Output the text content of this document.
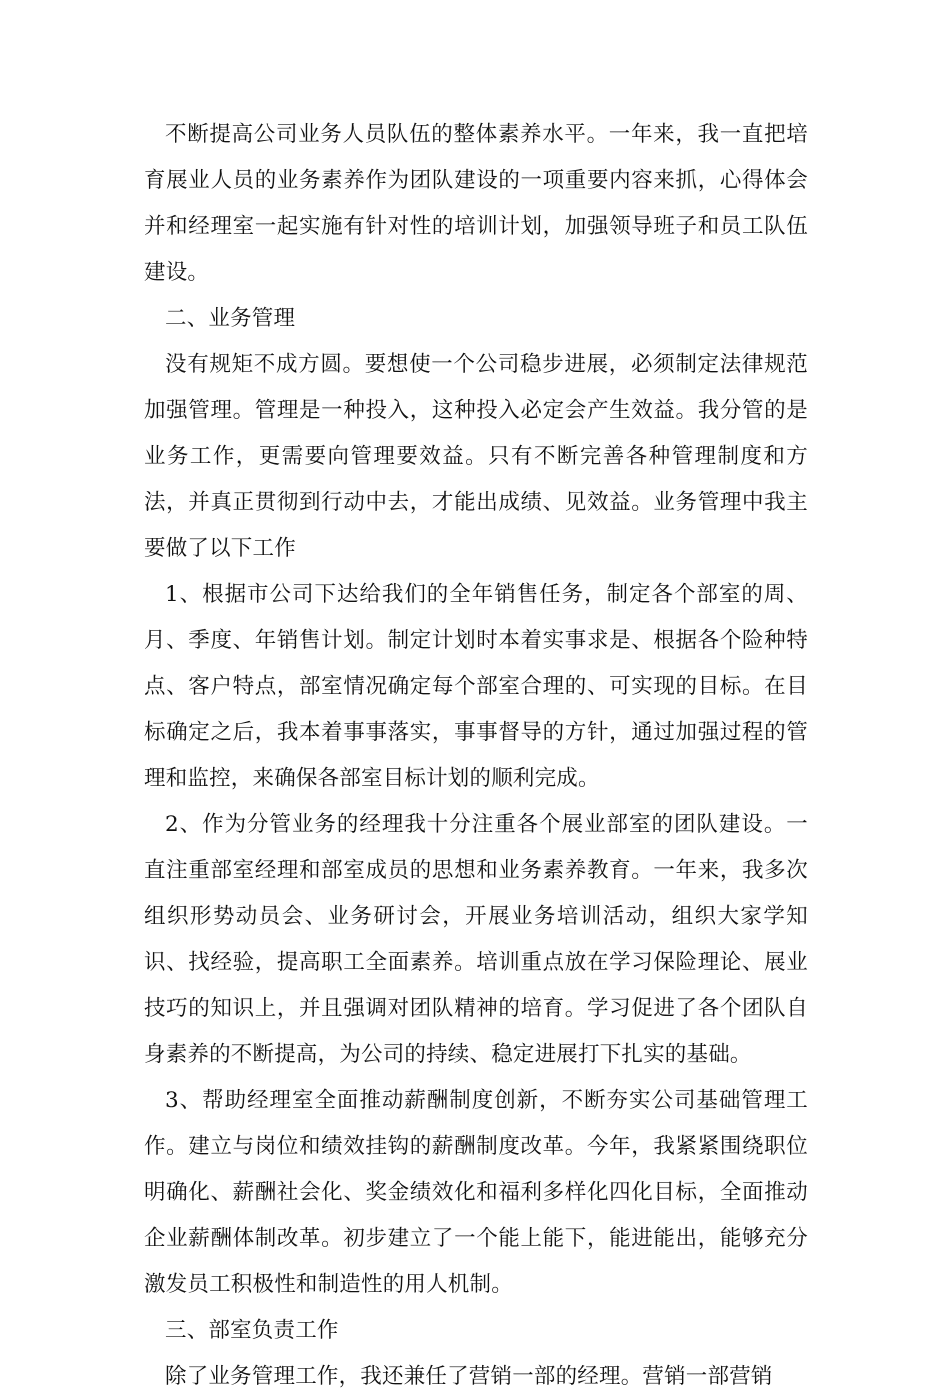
不断提高公司业务人员队伍的整体素养水平。一年来，我一直把培育展业人员的业务素养作为团队建设的一项重要内容来抓，心得体会并和经理室一起实施有针对性的培训计划，加强领导班子和员工队伍建设。

二、业务管理

没有规矩不成方圆。要想使一个公司稳步进展，必须制定法律规范加强管理。管理是一种投入，这种投入必定会产生效益。我分管的是业务工作，更需要向管理要效益。只有不断完善各种管理制度和方法，并真正贯彻到行动中去，才能出成绩、见效益。业务管理中我主要做了以下工作

1、根据市公司下达给我们的全年销售任务，制定各个部室的周、月、季度、年销售计划。制定计划时本着实事求是、根据各个险种特点、客户特点，部室情况确定每个部室合理的、可实现的目标。在目标确定之后，我本着事事落实，事事督导的方针，通过加强过程的管理和监控，来确保各部室目标计划的顺利完成。

2、作为分管业务的经理我十分注重各个展业部室的团队建设。一直注重部室经理和部室成员的思想和业务素养教育。一年来，我多次组织形势动员会、业务研讨会，开展业务培训活动，组织大家学知识、找经验，提高职工全面素养。培训重点放在学习保险理论、展业技巧的知识上，并且强调对团队精神的培育。学习促进了各个团队自身素养的不断提高，为公司的持续、稳定进展打下扎实的基础。

3、帮助经理室全面推动薪酬制度创新，不断夯实公司基础管理工作。建立与岗位和绩效挂钩的薪酬制度改革。今年，我紧紧围绕职位明确化、薪酬社会化、奖金绩效化和福利多样化四化目标，全面推动企业薪酬体制改革。初步建立了一个能上能下，能进能出，能够充分激发员工积极性和制造性的用人机制。

三、部室负责工作

除了业务管理工作，我还兼任了营销一部的经理。营销一部营销
